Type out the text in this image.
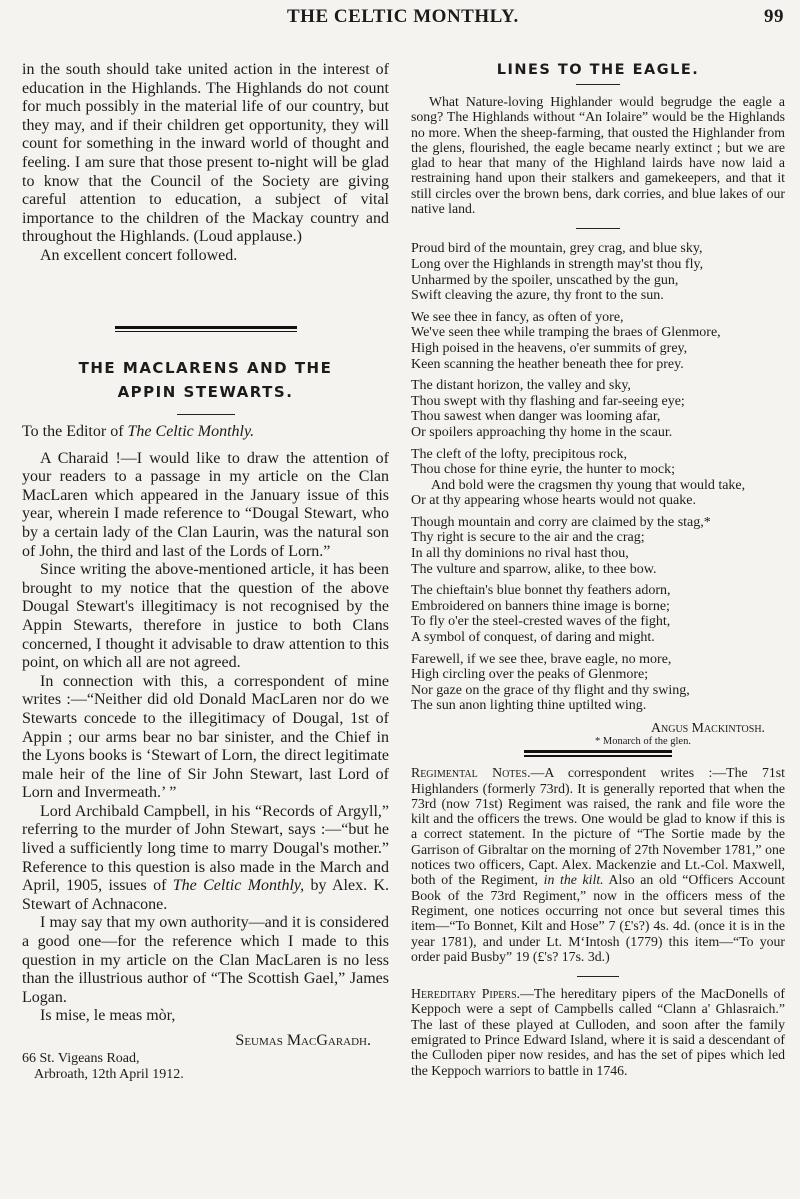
THE CELTIC MONTHLY.	99

in the south should take united action in the interest of education in the Highlands. The Highlands do not count for much possibly in the material life of our country, but they may, and if their children get opportunity, they will count for something in the inward world of thought and feeling. I am sure that those present to-night will be glad to know that the Council of the Society are giving careful attention to education, a subject of vital importance to the children of the Mackay country and throughout the Highlands. (Loud applause.)

An excellent concert followed.

THE MACLARENS AND THE
APPIN STEWARTS.

To the Editor of The Celtic Monthly.

A Charaid !—I would like to draw the attention of your readers to a passage in my article on the Clan MacLaren which appeared in the January issue of this year, wherein I made reference to “Dougal Stewart, who by a certain lady of the Clan Laurin, was the natural son of John, the third and last of the Lords of Lorn.”

Since writing the above-mentioned article, it has been brought to my notice that the question of the above Dougal Stewart's illegitimacy is not recognised by the Appin Stewarts, therefore in justice to both Clans concerned, I thought it advisable to draw attention to this point, on which all are not agreed.

In connection with this, a correspondent of mine writes :—“Neither did old Donald MacLaren nor do we Stewarts concede to the illegitimacy of Dougal, 1st of Appin ; our arms bear no bar sinister, and the Chief in the Lyons books is ‘Stewart of Lorn, the direct legitimate male heir of the line of Sir John Stewart, last Lord of Lorn and Invermeath.’ ”

Lord Archibald Campbell, in his “Records of Argyll,” referring to the murder of John Stewart, says :—“but he lived a sufficiently long time to marry Dougal's mother.” Reference to this question is also made in the March and April, 1905, issues of The Celtic Monthly, by Alex. K. Stewart of Achnacone.

I may say that my own authority—and it is considered a good one—for the reference which I made to this question in my article on the Clan MacLaren is no less than the illustrious author of “The Scottish Gael,” James Logan.

Is mise, le meas mòr,

Seumas MacGaradh.

66 St. Vigeans Road,

Arbroath, 12th April 1912.

LINES TO THE EAGLE.

What Nature-loving Highlander would begrudge the eagle a song? The Highlands without “An Iolaire” would be the Highlands no more. When the sheep-farming, that ousted the Highlander from the glens, flourished, the eagle became nearly extinct ; but we are glad to hear that many of the Highland lairds have now laid a restraining hand upon their stalkers and gamekeepers, and that it still circles over the brown bens, dark corries, and blue lakes of our native land.

Proud bird of the mountain, grey crag, and blue sky,
Long over the Highlands in strength may'st thou fly,
Unharmed by the spoiler, unscathed by the gun,
Swift cleaving the azure, thy front to the sun.
We see thee in fancy, as often of yore,
We've seen thee while tramping the braes of Glenmore,
High poised in the heavens, o'er summits of grey,
Keen scanning the heather beneath thee for prey.
The distant horizon, the valley and sky,
Thou swept with thy flashing and far-seeing eye;
Thou sawest when danger was looming afar,
Or spoilers approaching thy home in the scaur.
The cleft of the lofty, precipitous rock,
Thou chose for thine eyrie, the hunter to mock;
And bold were the cragsmen thy young that would take,
Or at thy appearing whose hearts would not quake.
Though mountain and corry are claimed by the stag,*
Thy right is secure to the air and the crag;
In all thy dominions no rival hast thou,
The vulture and sparrow, alike, to thee bow.
The chieftain's blue bonnet thy feathers adorn,
Embroidered on banners thine image is borne;
To fly o'er the steel-crested waves of the fight,
A symbol of conquest, of daring and might.
Farewell, if we see thee, brave eagle, no more,
High circling over the peaks of Glenmore;
Nor gaze on the grace of thy flight and thy swing,
The sun anon lighting thine uptilted wing.

Angus Mackintosh.

* Monarch of the glen.

Regimental Notes.—A correspondent writes :—The 71st Highlanders (formerly 73rd). It is generally reported that when the 73rd (now 71st) Regiment was raised, the rank and file wore the kilt and the officers the trews. One would be glad to know if this is a correct statement. In the picture of “The Sortie made by the Garrison of Gibraltar on the morning of 27th November 1781,” one notices two officers, Capt. Alex. Mackenzie and Lt.-Col. Maxwell, both of the Regiment, in the kilt. Also an old “Officers Account Book of the 73rd Regiment,” now in the officers mess of the Regiment, one notices occurring not once but several times this item—“To Bonnet, Kilt and Hose” 7 (£'s?) 4s. 4d. (once it is in the year 1781), and under Lt. M‘Intosh (1779) this item—“To your order paid Busby” 19 (£'s? 17s. 3d.)

Hereditary Pipers.—The hereditary pipers of the MacDonells of Keppoch were a sept of Campbells called “Clann a' Ghlasraich.” The last of these played at Culloden, and soon after the family emigrated to Prince Edward Island, where it is said a descendant of the Culloden piper now resides, and has the set of pipes which led the Keppoch warriors to battle in 1746.
